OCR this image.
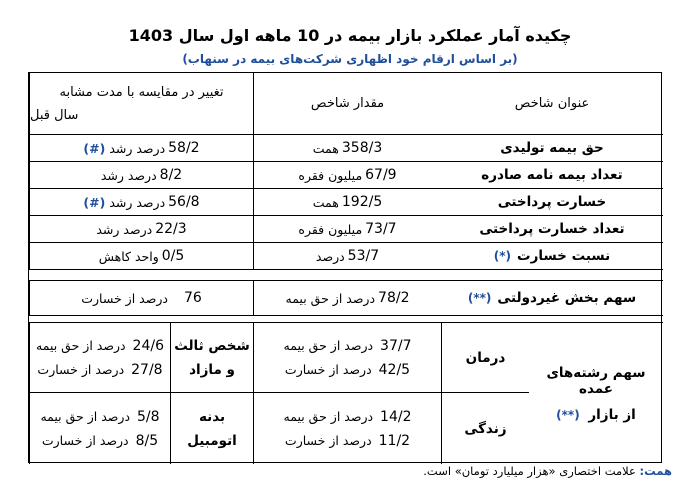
چکیده آمار عملکرد بازار بیمه در 10 ماهه اول سال 1403
(بر اساس ارقام خود اظهاری شرکت‌های بیمه در سنهاب)
عنوان شاخص
مقدار شاخص
تغییر در مقایسه با مدت مشابه
سال قبل
حق بیمه تولیدی
358/3
همت
58/2
درصد رشد
(#)
تعداد بیمه نامه صادره
67/9
میلیون فقره
8/2
درصد رشد
خسارت پرداختی
192/5
همت
56/8
درصد رشد
(#)
تعداد خسارت پرداختی
73/7
میلیون فقره
22/3
درصد رشد
نسبت خسارت
(*)
53/7
درصد
0/5
واحد کاهش
سهم بخش غیردولتی
(**)
78/2
درصد از حق بیمه
76
درصد از خسارت
سهم رشته‌های عمده
از بازار (**)
درمان
37/7 درصد از حق بیمه
42/5 درصد از خسارت
شخص ثالث
و مازاد
24/6 درصد از حق بیمه
27/8 درصد از خسارت
زندگی
14/2 درصد از حق بیمه
11/2 درصد از خسارت
بدنه
اتومبیل
5/8 درصد از حق بیمه
8/5 درصد از خسارت
همت: علامت اختصاری «هزار میلیارد تومان» است.
